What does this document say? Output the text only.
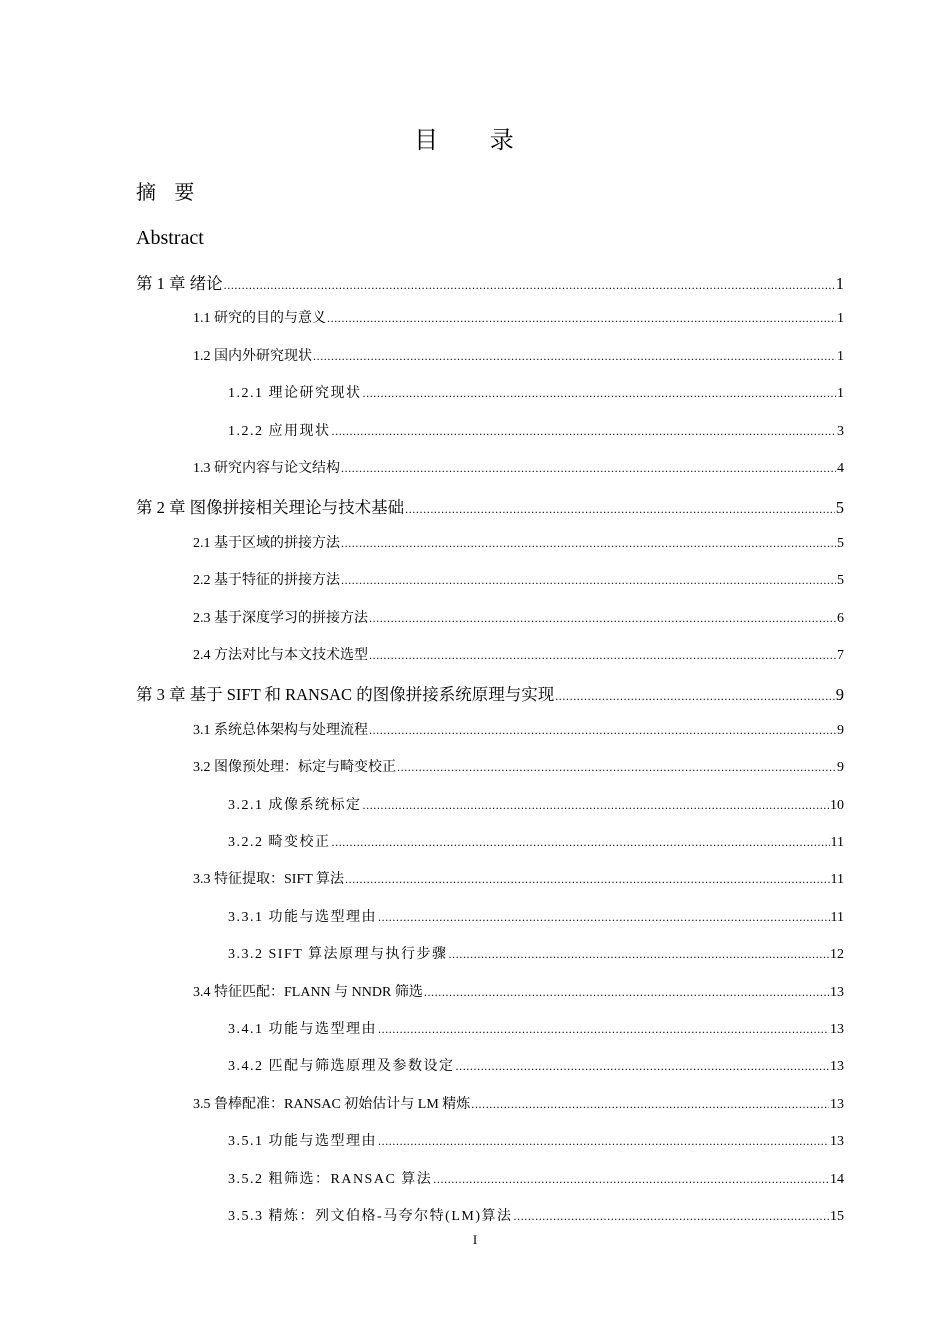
目 录
摘 要
Abstract
第 1 章 绪论 .....	1
1.1 研究的目的与意义 .....	1
1.2 国内外研究现状 .....	1
1.2.1 理论研究现状 .....	1
1.2.2 应用现状 .....	3
1.3 研究内容与论文结构 .....	4
第 2 章 图像拼接相关理论与技术基础 .....	5
2.1 基于区域的拼接方法 .....	5
2.2 基于特征的拼接方法 .....	5
2.3 基于深度学习的拼接方法 .....	6
2.4 方法对比与本文技术选型 .....	7
第 3 章 基于 SIFT 和 RANSAC 的图像拼接系统原理与实现 .....	9
3.1 系统总体架构与处理流程 .....	9
3.2 图像预处理：标定与畸变校正 .....	9
3.2.1 成像系统标定 .....	10
3.2.2 畸变校正 .....	11
3.3 特征提取：SIFT 算法 .....	11
3.3.1 功能与选型理由 .....	11
3.3.2 SIFT 算法原理与执行步骤 .....	12
3.4 特征匹配：FLANN 与 NNDR 筛选 .....	13
3.4.1 功能与选型理由 .....	13
3.4.2 匹配与筛选原理及参数设定 .....	13
3.5 鲁棒配准：RANSAC 初始估计与 LM 精炼 .....	13
3.5.1 功能与选型理由 .....	13
3.5.2 粗筛选：RANSAC 算法 .....	14
3.5.3 精炼：列文伯格-马夸尔特(LM)算法 .....	15
I
